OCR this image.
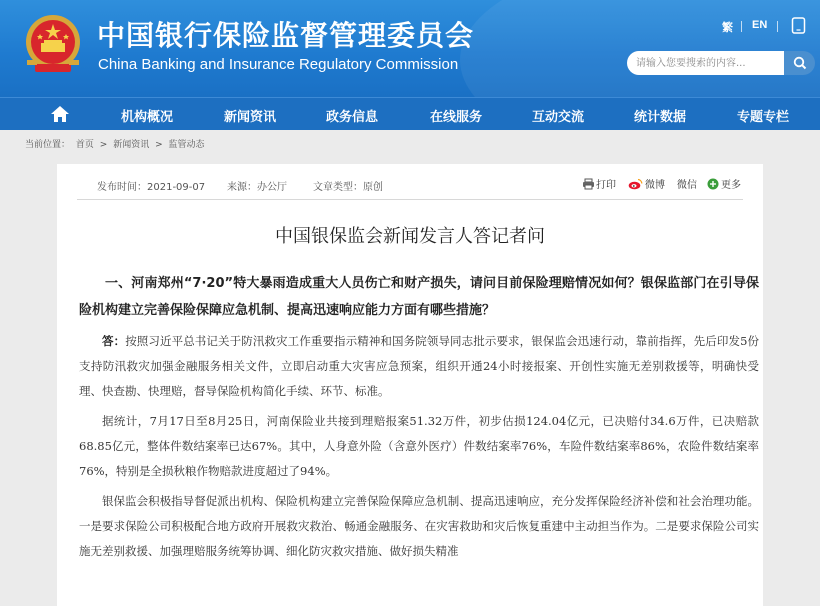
中国银行保险监督管理委员会
China Banking and Insurance Regulatory Commission
繁 EN
请输入您要搜索的内容...
机构概况	新闻资讯	政务信息	在线服务	互动交流	统计数据	专题专栏
当前位置： 首页 > 新闻资讯 > 监管动态
发布时间：2021-09-07 来源：办公厅	文章类型：原创	打印	微博 微信 更多
中国银保监会新闻发言人答记者问

一、河南郑州“7·20”特大暴雨造成重大人员伤亡和财产损失，请问目前保险理赔情况如何？银保监部门在引导保险机构建立完善保险保障应急机制、提高迅速响应能力方面有哪些措施？

答：按照习近平总书记关于防汛救灾工作重要指示精神和国务院领导同志批示要求，银保监会迅速行动，靠前指挥，先后印发5份支持防汛救灾加强金融服务相关文件，立即启动重大灾害应急预案，组织开通24小时接报案、开创性实施无差别救援等，明确快受理、快查勘、快理赔，督导保险机构简化手续、环节、标准。

据统计，7月17日至8月25日，河南保险业共接到理赔报案51.32万件，初步估损124.04亿元，已决赔付34.6万件，已决赔款68.85亿元，整体件数结案率已达67%。其中，人身意外险（含意外医疗）件数结案率76%，车险件数结案率86%，农险件数结案率76%，特别是全损秋粮作物赔款进度超过了94%。

银保监会积极指导督促派出机构、保险机构建立完善保险保障应急机制、提高迅速响应，充分发挥保险经济补偿和社会治理功能。一是要求保险公司积极配合地方政府开展救灾救治、畅通金融服务、在灾害救助和灾后恢复重建中主动担当作为。二是要求保险公司实施无差别救援、加强理赔服务统筹协调、细化防灾救灾措施、做好损失精准
